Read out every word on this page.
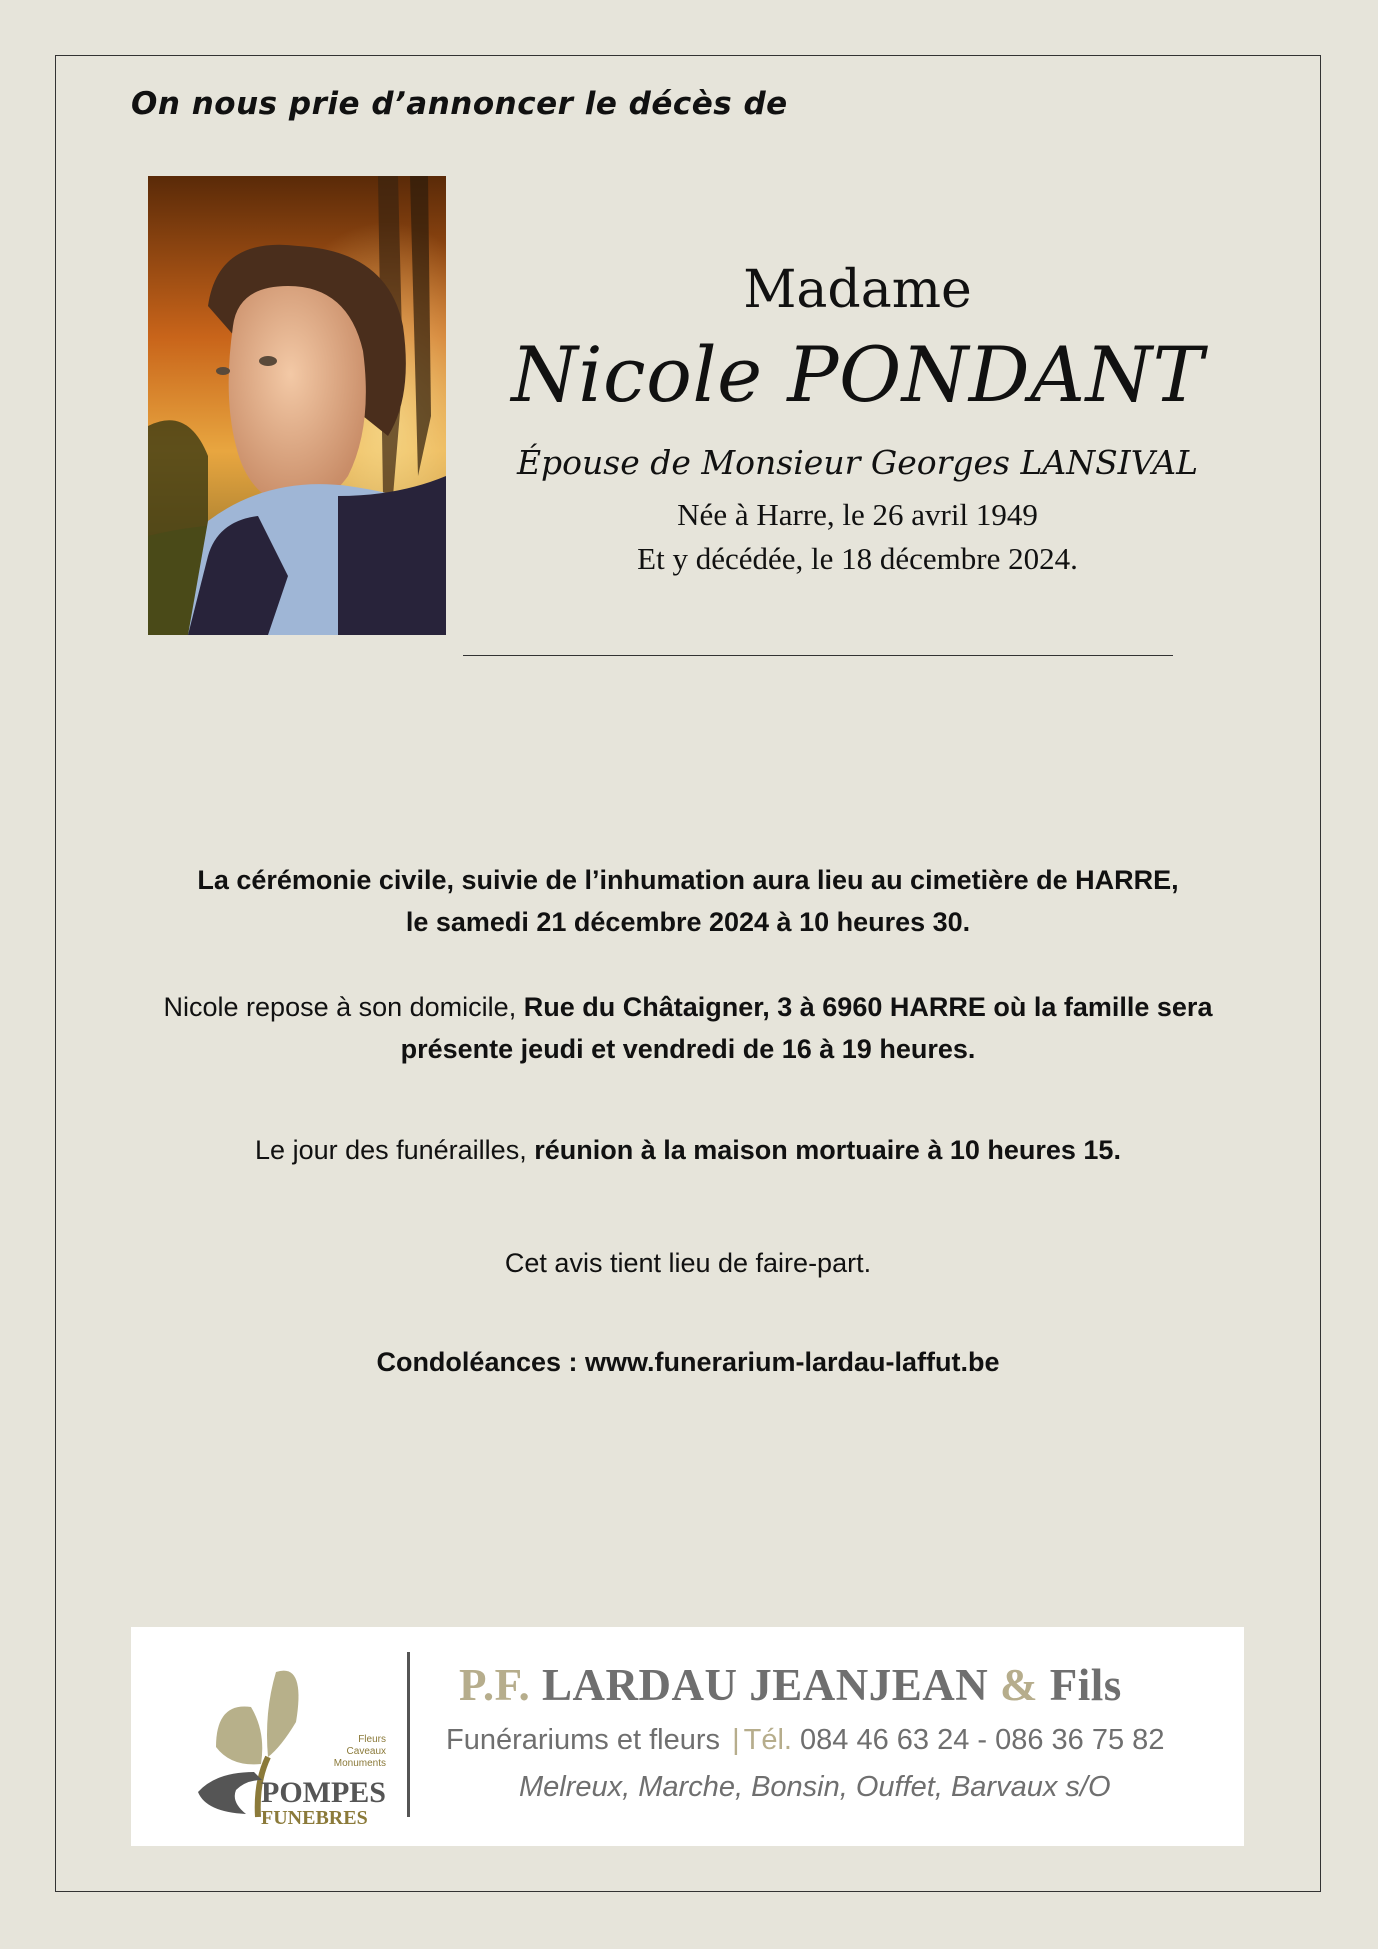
On nous prie d’annoncer le décès de
Madame
Nicole PONDANT
Épouse de Monsieur Georges LANSIVAL
Née à Harre, le 26 avril 1949
Et y décédée, le 18 décembre 2024.
La cérémonie civile, suivie de l’inhumation aura lieu au cimetière de HARRE,
le samedi 21 décembre 2024 à 10 heures 30.
Nicole repose à son domicile, Rue du Châtaigner, 3 à 6960 HARRE où la famille sera
présente jeudi et vendredi de 16 à 19 heures.
Le jour des funérailles, réunion à la maison mortuaire à 10 heures 15.
Cet avis tient lieu de faire-part.
Condoléances : www.funerarium-lardau-laffut.be
Fleurs
Caveaux
Monuments
POMPES
FUNEBRES
P.F. LARDAU JEANJEAN & Fils
Funérariums et fleurs | Tél. 084 46 63 24 - 086 36 75 82
Melreux, Marche, Bonsin, Ouffet, Barvaux s/O
